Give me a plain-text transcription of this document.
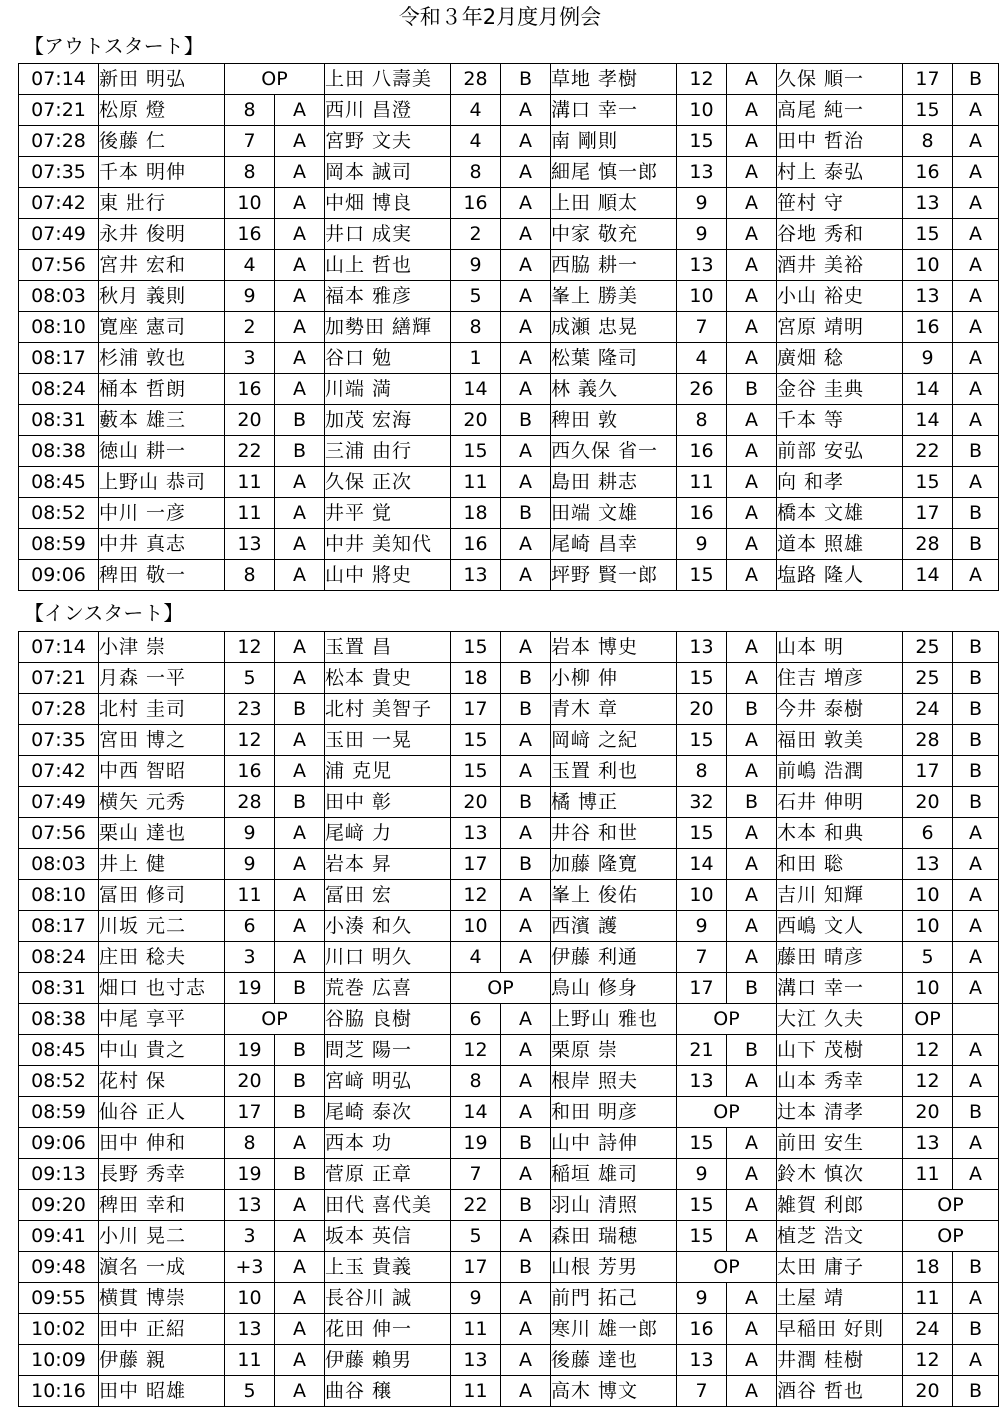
令和３年2月度月例会
【アウトスタート】
07:14	新田 明弘	OP		上田 八壽美	28	B	草地 孝樹	12	A	久保 順一	17	B
07:21	松原 燈	8	A	西川 昌澄	4	A	溝口 幸一	10	A	高尾 純一	15	A
07:28	後藤 仁	7	A	宮野 文夫	4	A	南 剛則	15	A	田中 哲治	8	A
07:35	千本 明伸	8	A	岡本 誠司	8	A	細尾 慎一郎	13	A	村上 泰弘	16	A
07:42	東 壯行	10	A	中畑 博良	16	A	上田 順太	9	A	笹村 守	13	A
07:49	永井 俊明	16	A	井口 成実	2	A	中家 敬充	9	A	谷地 秀和	15	A
07:56	宮井 宏和	4	A	山上 哲也	9	A	西脇 耕一	13	A	酒井 美裕	10	A
08:03	秋月 義則	9	A	福本 雅彦	5	A	峯上 勝美	10	A	小山 裕史	13	A
08:10	寛座 憲司	2	A	加勢田 繕輝	8	A	成瀬 忠晃	7	A	宮原 靖明	16	A
08:17	杉浦 敦也	3	A	谷口 勉	1	A	松葉 隆司	4	A	廣畑 稔	9	A
08:24	桶本 哲朗	16	A	川端 満	14	A	林 義久	26	B	金谷 圭典	14	A
08:31	藪本 雄三	20	B	加茂 宏海	20	B	稗田 敦	8	A	千本 等	14	A
08:38	徳山 耕一	22	B	三浦 由行	15	A	西久保 省一	16	A	前部 安弘	22	B
08:45	上野山 恭司	11	A	久保 正次	11	A	島田 耕志	11	A	向 和孝	15	A
08:52	中川 一彦	11	A	井平 覚	18	B	田端 文雄	16	A	橋本 文雄	17	B
08:59	中井 真志	13	A	中井 美知代	16	A	尾崎 昌幸	9	A	道本 照雄	28	B
09:06	稗田 敬一	8	A	山中 將史	13	A	坪野 賢一郎	15	A	塩路 隆人	14	A
【インスタート】
07:14	小津 崇	12	A	玉置 昌	15	A	岩本 博史	13	A	山本 明	25	B
07:21	月森 一平	5	A	松本 貴史	18	B	小柳 伸	15	A	住吉 増彦	25	B
07:28	北村 圭司	23	B	北村 美智子	17	B	青木 章	20	B	今井 泰樹	24	B
07:35	宮田 博之	12	A	玉田 一晃	15	A	岡﨑 之紀	15	A	福田 敦美	28	B
07:42	中西 智昭	16	A	浦 克児	15	A	玉置 利也	8	A	前嶋 浩潤	17	B
07:49	横矢 元秀	28	B	田中 彰	20	B	橘 博正	32	B	石井 伸明	20	B
07:56	栗山 達也	9	A	尾﨑 力	13	A	井谷 和世	15	A	木本 和典	6	A
08:03	井上 健	9	A	岩本 昇	17	B	加藤 隆寛	14	A	和田 聡	13	A
08:10	冨田 修司	11	A	冨田 宏	12	A	峯上 俊佑	10	A	吉川 知輝	10	A
08:17	川坂 元二	6	A	小湊 和久	10	A	西濱 護	9	A	西嶋 文人	10	A
08:24	庄田 稔夫	3	A	川口 明久	4	A	伊藤 利通	7	A	藤田 晴彦	5	A
08:31	畑口 也寸志	19	B	荒巻 広喜	OP		鳥山 修身	17	B	溝口 幸一	10	A
08:38	中尾 享平	OP		谷脇 良樹	6	A	上野山 雅也	OP		大江 久夫	OP	
08:45	中山 貴之	19	B	問芝 陽一	12	A	栗原 崇	21	B	山下 茂樹	12	A
08:52	花村 保	20	B	宮﨑 明弘	8	A	根岸 照夫	13	A	山本 秀幸	12	A
08:59	仙谷 正人	17	B	尾崎 泰次	14	A	和田 明彦	OP		辻本 清孝	20	B
09:06	田中 伸和	8	A	西本 功	19	B	山中 詩伸	15	A	前田 安生	13	A
09:13	長野 秀幸	19	B	菅原 正章	7	A	稲垣 雄司	9	A	鈴木 慎次	11	A
09:20	稗田 幸和	13	A	田代 喜代美	22	B	羽山 清照	15	A	雑賀 利郎	OP	
09:41	小川 晃二	3	A	坂本 英信	5	A	森田 瑞穂	15	A	植芝 浩文	OP	
09:48	濵名 一成	+3	A	上玉 貴義	17	B	山根 芳男	OP		太田 庸子	18	B
09:55	横貫 博崇	10	A	長谷川 誠	9	A	前門 拓己	9	A	土屋 靖	11	A
10:02	田中 正紹	13	A	花田 伸一	11	A	寒川 雄一郎	16	A	早稲田 好則	24	B
10:09	伊藤 親	11	A	伊藤 賴男	13	A	後藤 達也	13	A	井潤 桂樹	12	A
10:16	田中 昭雄	5	A	曲谷 穣	11	A	高木 博文	7	A	酒谷 哲也	20	B
